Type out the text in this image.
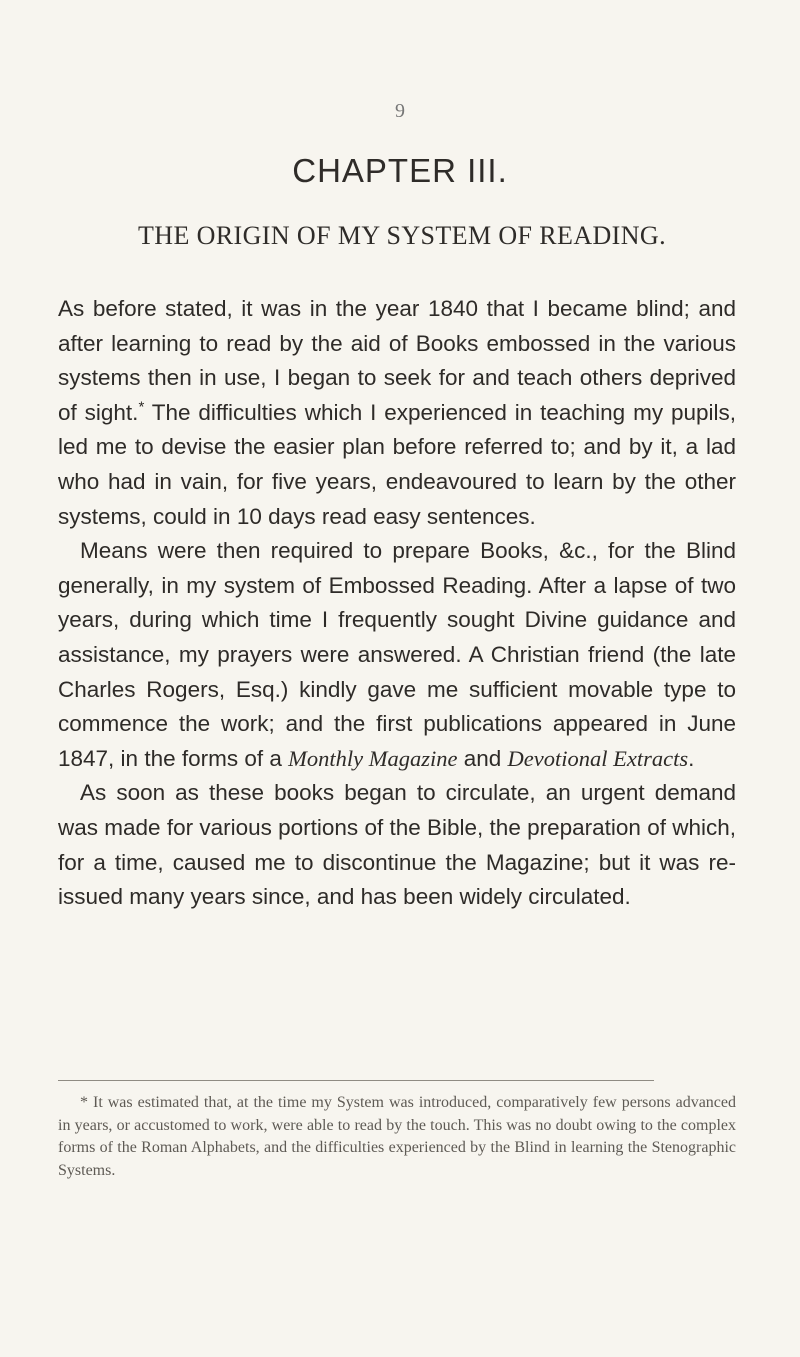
9
CHAPTER III.
THE ORIGIN OF MY SYSTEM OF READING.

As before stated, it was in the year 1840 that I became blind; and after learning to read by the aid of Books embossed in the various systems then in use, I began to seek for and teach others deprived of sight.* The difficulties which I experienced in teaching my pupils, led me to devise the easier plan before referred to; and by it, a lad who had in vain, for five years, endeavoured to learn by the other systems, could in 10 days read easy sentences.

Means were then required to prepare Books, &c., for the Blind generally, in my system of Embossed Reading. After a lapse of two years, during which time I frequently sought Divine guidance and assistance, my prayers were answered. A Christian friend (the late Charles Rogers, Esq.) kindly gave me sufficient movable type to commence the work; and the first publications appeared in June 1847, in the forms of a Monthly Magazine and Devotional Extracts.

As soon as these books began to circulate, an urgent demand was made for various portions of the Bible, the preparation of which, for a time, caused me to discontinue the Magazine; but it was re-issued many years since, and has been widely circulated.

* It was estimated that, at the time my System was introduced, comparatively few persons advanced in years, or accustomed to work, were able to read by the touch. This was no doubt owing to the complex forms of the Roman Alphabets, and the difficulties experienced by the Blind in learning the Stenographic Systems.
